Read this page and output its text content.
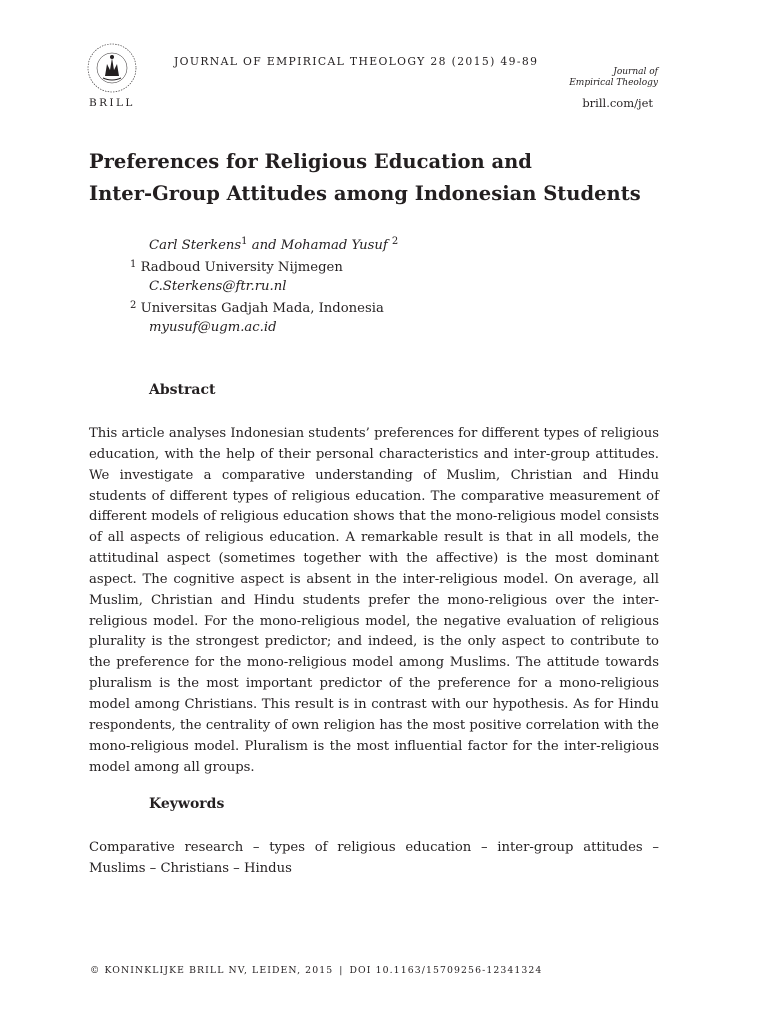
BRILL
JOURNAL OF EMPIRICAL THEOLOGY 28 (2015) 49-89
Journal of
Empirical Theology
brill.com/jet
Preferences for Religious Education and
Inter-Group Attitudes among Indonesian Students
Carl Sterkens$^1$ and Mohamad Yusuf $^2$
$^1$ Radboud University Nijmegen
C.Sterkens@ftr.ru.nl
$^2$ Universitas Gadjah Mada, Indonesia
myusuf@ugm.ac.id
Abstract
This article analyses Indonesian students’ preferences for different types of religious education, with the help of their personal characteristics and inter-group attitudes. We investigate a comparative understanding of Muslim, Christian and Hindu students of different types of religious education. The comparative measurement of different models of religious education shows that the mono-religious model consists of all aspects of religious education. A remarkable result is that in all models, the attitudinal aspect (sometimes together with the affective) is the most dominant aspect. The cognitive aspect is absent in the inter-religious model. On average, all Muslim, Christian and Hindu students prefer the mono-religious over the inter-religious model. For the mono-religious model, the negative evaluation of religious plurality is the strongest predictor; and indeed, is the only aspect to contribute to the preference for the mono-religious model among Muslims. The attitude towards pluralism is the most important predictor of the preference for a mono-religious model among Christians. This result is in contrast with our hypothesis. As for Hindu respondents, the centrality of own religion has the most positive correlation with the mono-religious model. Pluralism is the most influential factor for the inter-religious model among all groups.
Keywords
Comparative research – types of religious education – inter-group attitudes – Muslims – Christians – Hindus
© KONINKLIJKE BRILL NV, LEIDEN, 2015 | DOI 10.1163/15709256-12341324
